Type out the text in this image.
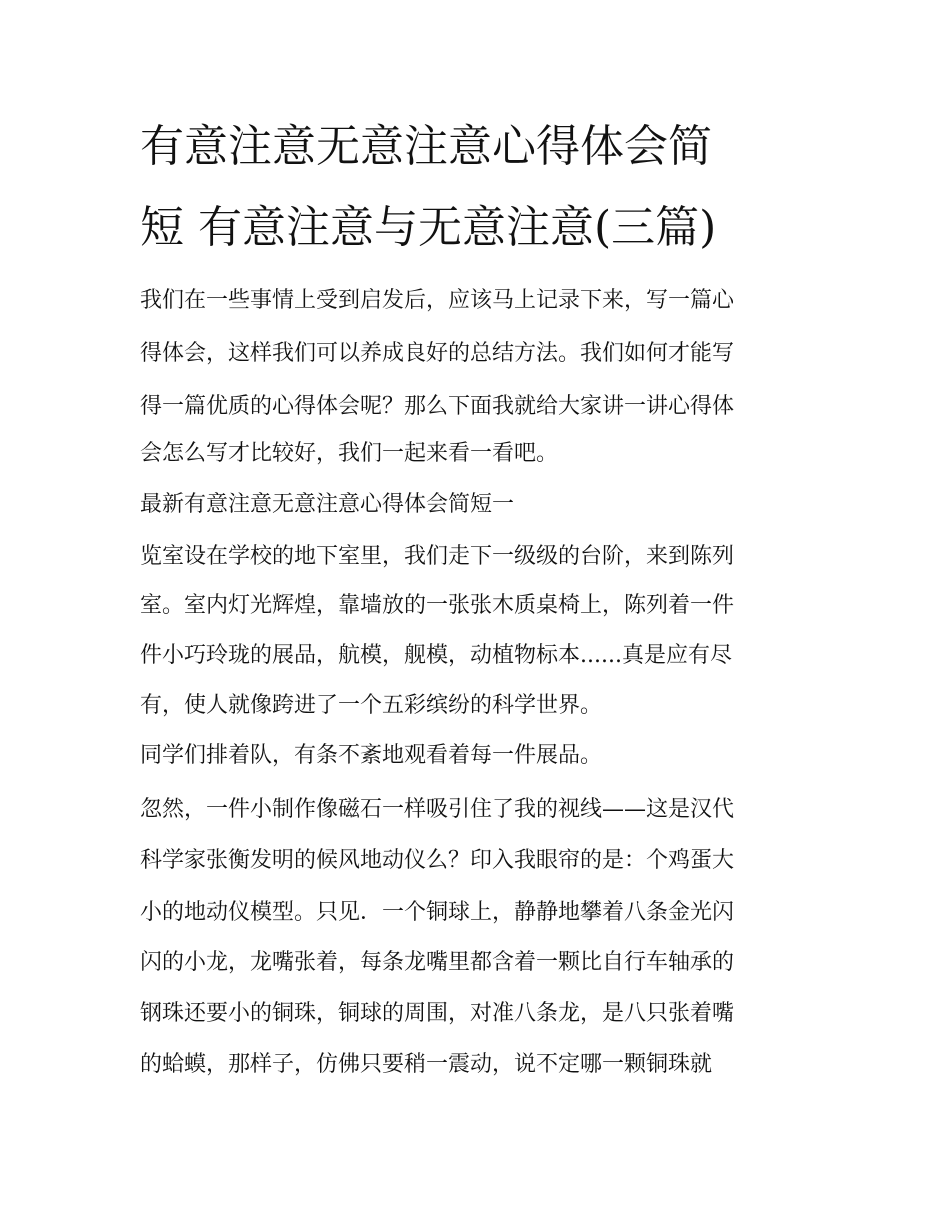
有意注意无意注意心得体会简
短 有意注意与无意注意(三篇)
我们在一些事情上受到启发后，应该马上记录下来，写一篇心
得体会，这样我们可以养成良好的总结方法。我们如何才能写
得一篇优质的心得体会呢？那么下面我就给大家讲一讲心得体
会怎么写才比较好，我们一起来看一看吧。
最新有意注意无意注意心得体会简短一
览室设在学校的地下室里，我们走下一级级的台阶，来到陈列
室。室内灯光辉煌，靠墙放的一张张木质桌椅上，陈列着一件
件小巧玲珑的展品，航模，舰模，动植物标本......真是应有尽
有，使人就像跨进了一个五彩缤纷的科学世界。
同学们排着队，有条不紊地观看着每一件展品。
忽然，一件小制作像磁石一样吸引住了我的视线——这是汉代
科学家张衡发明的候风地动仪么？印入我眼帘的是：个鸡蛋大
小的地动仪模型。只见．一个铜球上，静静地攀着八条金光闪
闪的小龙，龙嘴张着，每条龙嘴里都含着一颗比自行车轴承的
钢珠还要小的铜珠，铜球的周围，对准八条龙，是八只张着嘴
的蛤蟆，那样子，仿佛只要稍一震动，说不定哪一颗铜珠就
